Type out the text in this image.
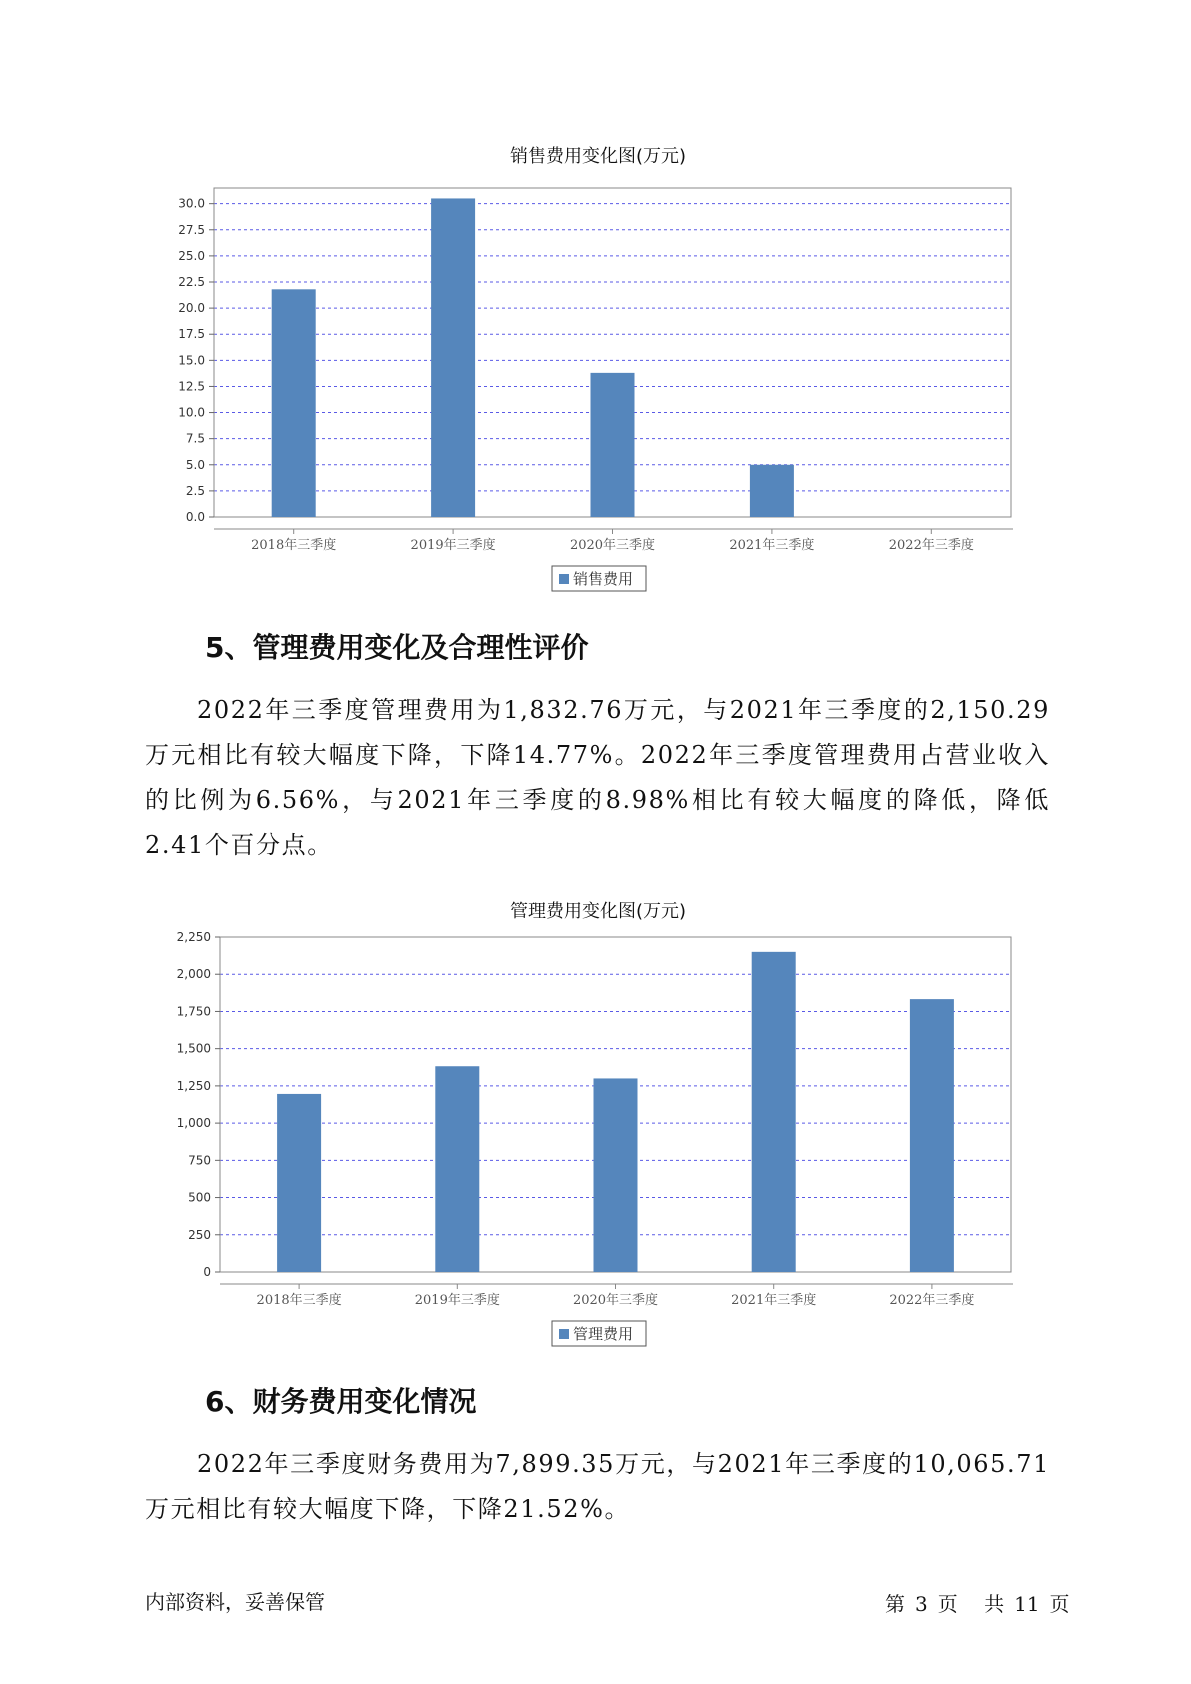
销售费用变化图(万元)
0.0
2.5
5.0
7.5
10.0
12.5
15.0
17.5
20.0
22.5
25.0
27.5
30.0
2018年三季度	2019年三季度	2020年三季度	2021年三季度	2022年三季度
销售费用
5、管理费用变化及合理性评价

2022年三季度管理费用为1,832.76万元，与2021年三季度的2,150.29万元相比有较大幅度下降，下降14.77%。2022年三季度管理费用占营业收入的比例为6.56%，与2021年三季度的8.98%相比有较大幅度的降低，降低2.41个百分点。

管理费用变化图(万元)
0
250
500
750
1,000
1,250
1,500
1,750
2,000
2,250
2018年三季度	2019年三季度	2020年三季度	2021年三季度	2022年三季度
管理费用
6、财务费用变化情况

2022年三季度财务费用为7,899.35万元，与2021年三季度的10,065.71万元相比有较大幅度下降，下降21.52%。

内部资料，妥善保管	第 3 页 共 11 页
